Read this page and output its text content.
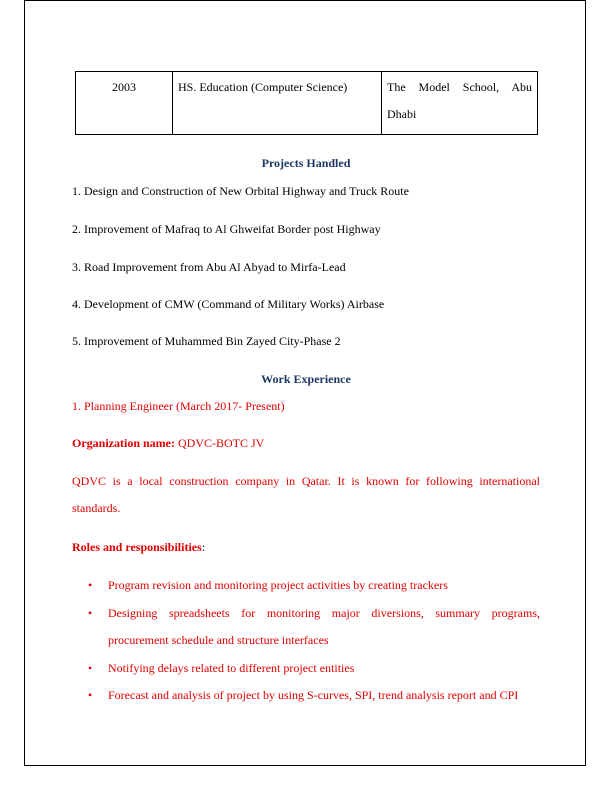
2003	HS. Education (Computer Science)	The Model School, Abu Dhabi
Projects Handled
1. Design and Construction of New Orbital Highway and Truck Route
2. Improvement of Mafraq to Al Ghweifat Border post Highway
3. Road Improvement from Abu Al Abyad to Mirfa-Lead
4. Development of CMW (Command of Military Works) Airbase
5. Improvement of Muhammed Bin Zayed City-Phase 2
Work Experience
1. Planning Engineer (March 2017- Present)
Organization name: QDVC-BOTC JV
QDVC is a local construction company in Qatar. It is known for following international standards.
Roles and responsibilities:
• Program revision and monitoring project activities by creating trackers
• Designing spreadsheets for monitoring major diversions, summary programs, procurement schedule and structure interfaces
• Notifying delays related to different project entities
• Forecast and analysis of project by using S-curves, SPI, trend analysis report and CPI
